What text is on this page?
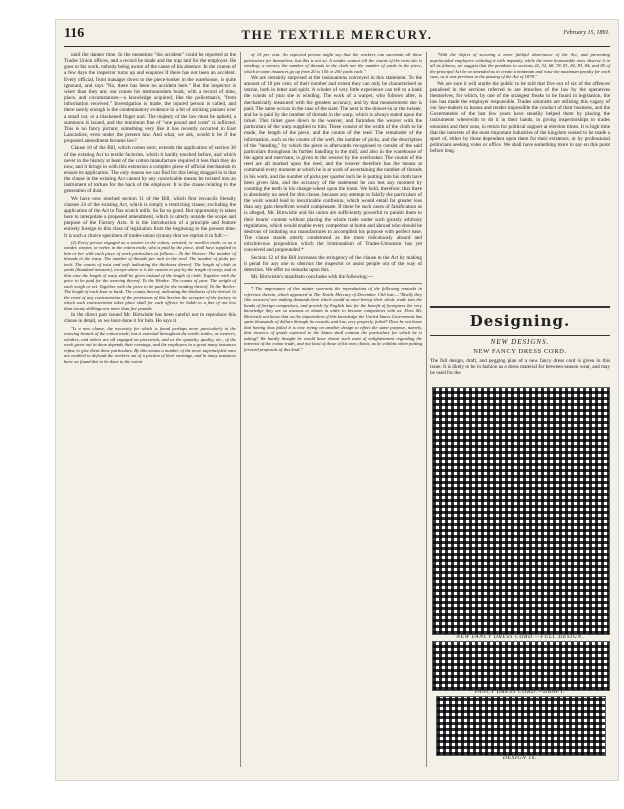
116	THE TEXTILE MERCURY.	February 15, 1891.

until the danner time. In the meantime "the accident" could be reported at the Trades Union offices, and a record be made and the trap laid for the employer. He goes to his work, nobody being aware of the cause of his absence. In the course of a few days the inspector turns up and enquires if there has not been an accident. Every official, from manager down to the piece-looker in the warehouse, is quite ignorant, and says "No, there has been no accident here." But the inspector is wiser than they are; out comes his memorandum book, with a record of time, place, and circumstances—a knowledge acquired, like the policeman's, "from information received." Investigation is made, the injured person is called, and there surely enough is the condemnatory evidence in a bit of sticking plaister over a small cut, or a blackened finger nail. The majesty of the law must be upheld, a summons is issued, and the minimum fine of "one pound and costs" is inflicted. This is no fancy picture; something very like it has recently occurred in East Lancashire, even under the present law. And what, we ask, would it be if the proposed amendment became law?

Clause 10 of the Bill, which comes next, extends the application of section 36 of the existing Act to textile factories, which it hardly touched before, and which never in the history at least of the cotton manufacture required it less than they do now, and it brings in with this extension a complex piece of official mechanism to ensure its application. The only reason we can find for this being dragged in is that the clause in the existing Act cannot by any conceivable means be twisted into an instrument of torture for the back of the employer. It is the clause relating to the generation of dust.

We have now reached section 11 of the Bill, which first reconcils literally clauses 24 of the existing Act, which is simply a restricting clause, excluding the application of the Act to flax scutch mills. So far so good. But opportunity is taken here to interpolate a proposed amendment, which is utterly outside the scope and purpose of the Factory Acts. It is the introduction of a principle and feature entirely foreign to this class of legislation from the beginning to the present time. It is such a choice specimen of trades-union tyranny that we reprint it in full:—

(2) Every person engaged as a weaver in the cotton, worsted, or woollen trade, or as a winder, warper, or reeler, in the cotton trade, who is paid by the piece, shall have supplied to him or her with each piece of work particulars as follows:—To the Weaver: The number of threads in the warp. The number of threads per inch in the reed. The number of picks per inch. The counts of twist and weft indicating the thickness thereof. The length of cloth in yards (Standard measure), except where it is the custom to pay by the length of warp, and in that case the length of warp shall be given instead of the length of cloth. Together with the price to be paid for the weaving thereof. To the Winder: The counts of yarn. The weight of each weigh or set. Together with the price to be paid for the winding thereof. To the Reeler: The length of each knot or hank. The counts thereof, indicating the thickness of the thread. In the event of any contravention of the provisions of this Section the occupier of the factory in which such contravention takes place shall for each offence be liable to a fine of not less than twenty shillings nor more than five pounds.

In the direct part issued Mr. Birtwistle has been careful not to reproduce this clause in detail, so we have done it for him. He says it

"Is a new clause, the necessity for which is found perhaps more particularly in the weaving branch of the cotton trade, but is essential throughout the textile trades, as weavers, winders, and others are all engaged on piecework, and as the quantity, quality, etc., of the work given out in them depends their earnings, and the employers in a great many instances refuse to give them these particulars. By this means a number of the more unprincipled ones are enabled to defraud the workers out of a portion of their earnings, and in many instances have we found this to be done to the extent

of 10 per cent. An expected person might say that the workers can ascertain all these particulars for themselves, but this is not so. A winder cannot tell the counts of the twist she is winding; a weaver, the number of threads in the cloth nor the number of yards in the piece, which in some instances go up from 20 to 150 or 200 yards each."

We are certainly surprised at the insinuations conveyed in this statement. To the amount of 10 per cent. of their number and extent they can only be characterised as untrue, both in letter and spirit. A winder of very little experience can tell to a hank the counts of yarn she is winding. The work of a warper, who follows after, is mechanically measured with the greatest accuracy, and by that measurement she is paid. The same occurs in the case of the sizer. The next is the drawer-in or the twister, and he is paid by the number of threads in the warp, which is always stated upon the ticket. This ticket goes down to the weaver, and furnishes the weaver with the particulars of the warp supplied to him. These consist of the width of the cloth to be made, the length of the piece, and the counts of the reed. The remainder of the information, such as the counts of the weft, the number of picks, and the description of the "heading," by which the piece is afterwards recognised to consist of the said particulars throughout its further handling in the mill, and also in the warehouse of the agent and merchant, is given to the weaver by the overlooker. The counts of the reed are all marked upon the reed, and the weaver therefore has the means at command every moment at which he is at work of ascertaining the number of threads in his work, and the number of picks per quarter inch he is putting into his cloth have been given him, and the accuracy of the statement he can test any moment by counting the teeth in his change-wheel upon the loom. We hold, therefore, that there is absolutely no need for this clause, because any attempt to falsify the particulars of the work would lead to inextricable confusion, which would entail far greater loss than any gain therefrom would compensate. If there be such cases of falsification as is alleged, Mr. Birtwistle and his union are sufficiently powerful to punish them to their hearts' content without placing the whole trade under such grossly arbitrary regulations, which would enable every competitor at home and abroad who should be desirous of imitating our manufactures to accomplish his purpose with perfect ease. The clause stands utterly condemned as the most ridiculously absurd and mischievous proposition which the irrationalism of Trades-Unionism has yet conceived and propounded.*

Section 12 of the Bill increases the stringency of the clause in the Act by making it penal for any one to obstruct the inspector or assist people out of the way of detection. We offer no remarks upon this.

Mr. Birtwistle's manifesto concludes with the following:—

* The importance of this matter warrants the reproduction of the following remarks in reference thereto, which appeared in The Textile Mercury of December 13th last:—"Really they [the weavers] are making demands here which would at once betray their whole trade into the hands of foreign competitors, and provide by English law for the benefit of foreigners the very knowledge they are so anxious to obtain in order to become competitors with us. Does Mr. Birtwistle not know that on the importation of this knowledge the United States Government has spent thousands of dollars through its consuls, and has, very properly, failed? Does he not know that having thus failed it is now trying on another design to effect the same purpose, namely, that invoices of goods exported to the States shall contain the particulars for which he is asking? We hardly thought he would have shown such want of enlightenment regarding the interests of the cotton trade, and not least of those of his own clients, as he exhibits when putting forward proposals of this kind."

"With the object of securing a more faithful observance of the Act, and preventing unprincipled employers violating it with impunity, while the more honourable ones observe it in all its fulness, we suggest that the penalties in sections 22, 32, 68, 78, 81, 82, 83, 84, and 85 of the principal Act be so amended as to create a minimum and raise the maximum penalty for each case, as it was previous to the passing of the Act of 1878."

We are sure it will startle the public to be told that five out of six of the offences penalised in the sections referred to are breaches of the law by the operatives themselves, for which, by one of the strangest freaks to be found in legislation, the law has made the employer responsible. Trades unionists are utilising this vagary of our law-makers to harass and render impossible the conduct of their business, and the Governments of the last few years have steadily helped them by placing the instruments wherewith to do it in their hands, in giving inspectorships to trades unionists and their sons, in return for political support at election times. It is high time that the interests of the most important industries of the kingdom ceased to be made a sport of, either by those dependent upon them for their existence, or by professional politicians seeking votes or office. We shall have something more to say on this point before long.

Designing.
NEW DESIGNS.
NEW FANCY DRESS CORD.
The full design, draft, and pegging plan of a new fancy dress cord is given in this issue. It is likely to be in fashion as a dress material for between-season wear, and may be used for the
NEW FANCY DRESS CORD.—FULL DESIGN.
FANCY DRESS CORD.—DRAFT.
DESIGN 16.
